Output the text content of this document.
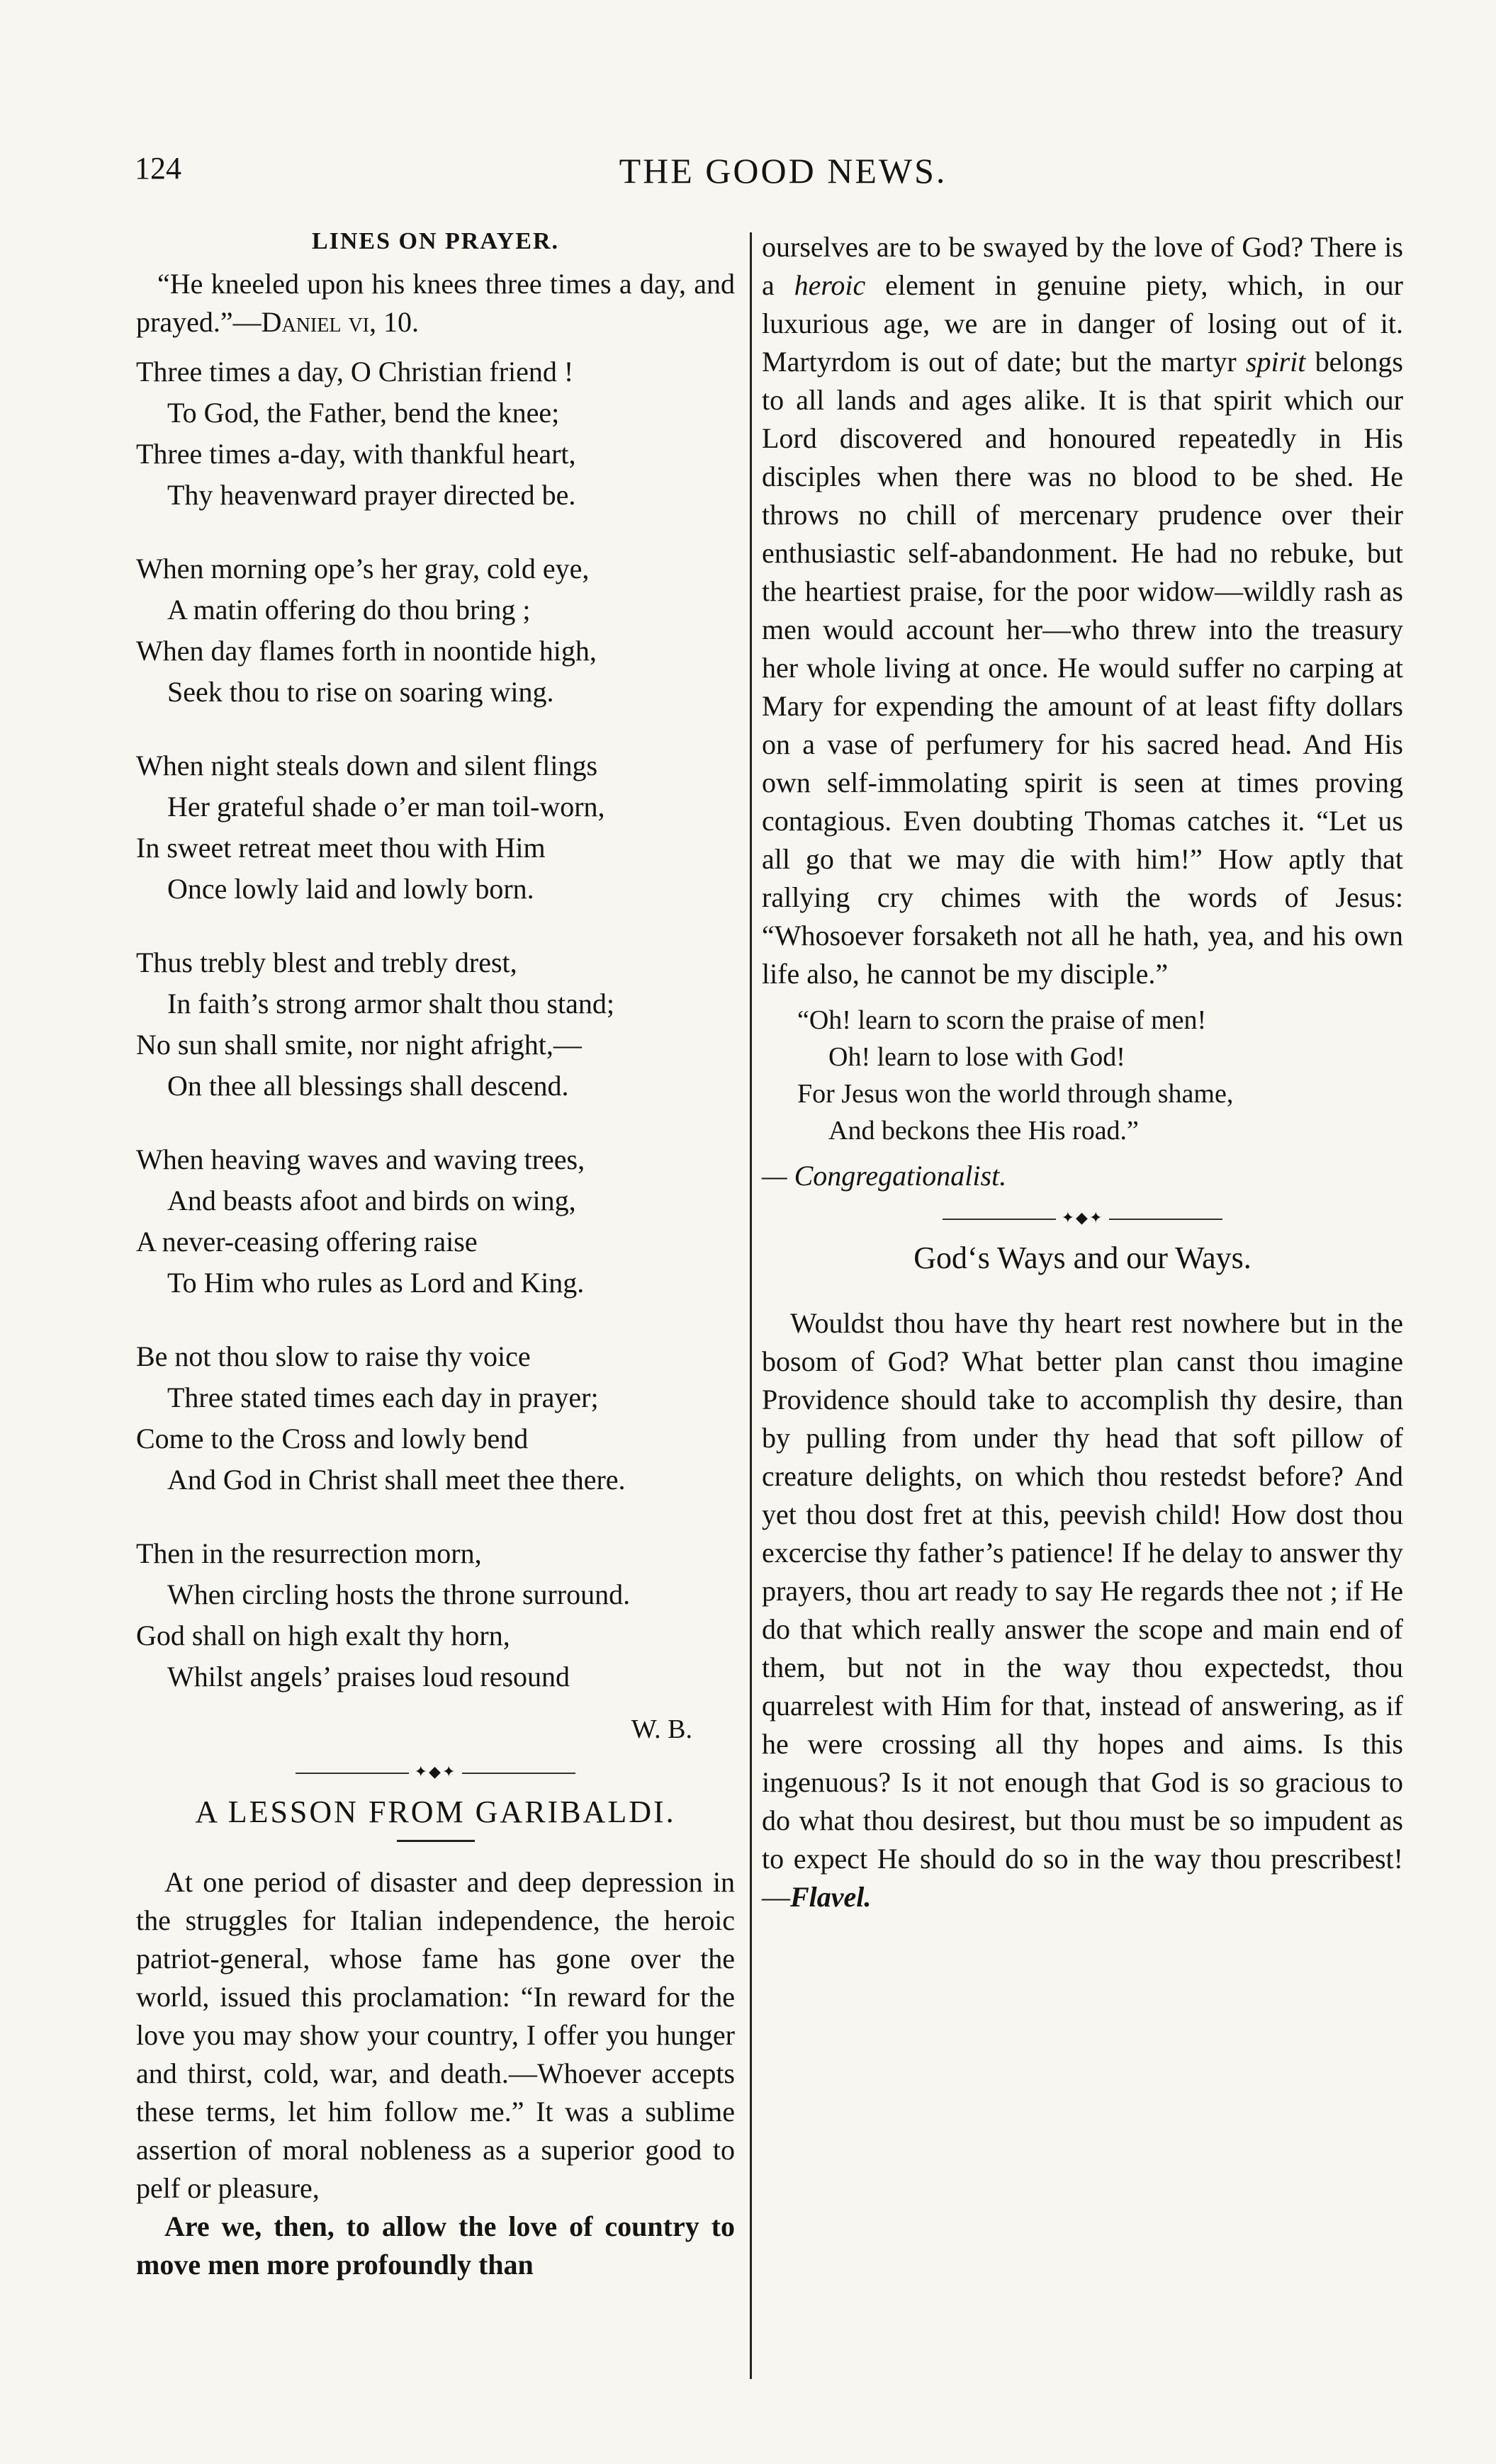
124	THE GOOD NEWS.
LINES ON PRAYER.

“He kneeled upon his knees three times a day, and prayed.”—Daniel vi, 10.

Three times a day, O Christian friend !
To God, the Father, bend the knee;
Three times a-day, with thankful heart,
Thy heavenward prayer directed be.
When morning ope’s her gray, cold eye,
A matin offering do thou bring ;
When day flames forth in noontide high,
Seek thou to rise on soaring wing.
When night steals down and silent flings
Her grateful shade o’er man toil-worn,
In sweet retreat meet thou with Him
Once lowly laid and lowly born.
Thus trebly blest and trebly drest,
In faith’s strong armor shalt thou stand;
No sun shall smite, nor night afright,—
On thee all blessings shall descend.
When heaving waves and waving trees,
And beasts afoot and birds on wing,
A never-ceasing offering raise
To Him who rules as Lord and King.
Be not thou slow to raise thy voice
Three stated times each day in prayer;
Come to the Cross and lowly bend
And God in Christ shall meet thee there.
Then in the resurrection morn,
When circling hosts the throne surround.
God shall on high exalt thy horn,
Whilst angels’ praises loud resound
W. B.
✦◆✦
A LESSON FROM GARIBALDI.

At one period of disaster and deep depression in the struggles for Italian independence, the heroic patriot-general, whose fame has gone over the world, issued this proclamation: “In reward for the love you may show your country, I offer you hunger and thirst, cold, war, and death.—Whoever accepts these terms, let him follow me.” It was a sublime assertion of moral nobleness as a superior good to pelf or pleasure,

Are we, then, to allow the love of country to move men more profoundly than

ourselves are to be swayed by the love of God? There is a heroic element in genuine piety, which, in our luxurious age, we are in danger of losing out of it. Martyrdom is out of date; but the martyr spirit belongs to all lands and ages alike. It is that spirit which our Lord discovered and honoured repeatedly in His disciples when there was no blood to be shed. He throws no chill of mercenary prudence over their enthusiastic self-abandonment. He had no rebuke, but the heartiest praise, for the poor widow—wildly rash as men would account her—who threw into the treasury her whole living at once. He would suffer no carping at Mary for expending the amount of at least fifty dollars on a vase of perfumery for his sacred head. And His own self-immolating spirit is seen at times proving contagious. Even doubting Thomas catches it. “Let us all go that we may die with him!” How aptly that rallying cry chimes with the words of Jesus: “Whosoever forsaketh not all he hath, yea, and his own life also, he cannot be my disciple.”

“Oh! learn to scorn the praise of men!
Oh! learn to lose with God!
For Jesus won the world through shame,
And beckons thee His road.”
— Congregationalist.
✦◆✦
God‘s Ways and our Ways.

Wouldst thou have thy heart rest nowhere but in the bosom of God? What better plan canst thou imagine Providence should take to accomplish thy desire, than by pulling from under thy head that soft pillow of creature delights, on which thou restedst before? And yet thou dost fret at this, peevish child! How dost thou excercise thy father’s patience! If he delay to answer thy prayers, thou art ready to say He regards thee not ; if He do that which really answer the scope and main end of them, but not in the way thou expectedst, thou quarrelest with Him for that, instead of answering, as if he were crossing all thy hopes and aims. Is this ingenuous? Is it not enough that God is so gracious to do what thou desirest, but thou must be so impudent as to expect He should do so in the way thou prescribest!—Flavel.
